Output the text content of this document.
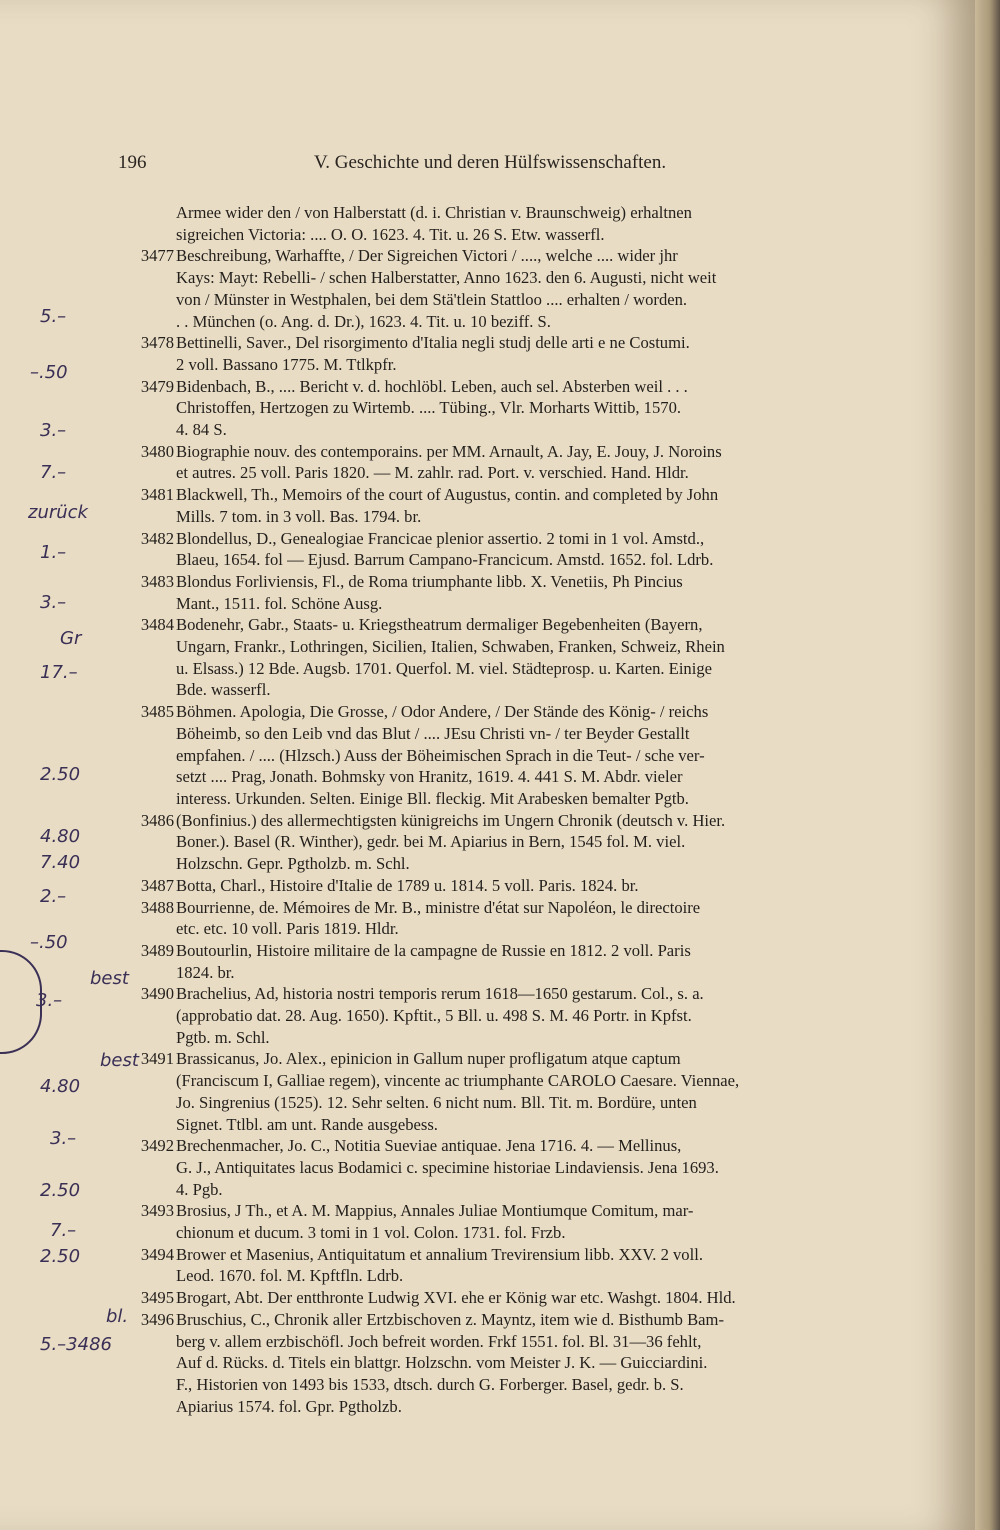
196	V. Geschichte und deren Hülfswissenschaften.
Armee wider den / von Halberstatt (d. i. Christian v. Braunschweig) erhaltnen
sigreichen Victoria: .... O. O. 1623. 4. Tit. u. 26 S. Etw. wasserfl.
3477 Beschreibung, Warhaffte, / Der Sigreichen Victori / ...., welche .... wider jhr
Kays: Mayt: Rebelli- / schen Halberstatter, Anno 1623. den 6. Augusti, nicht weit
von / Münster in Westphalen, bei dem Stä'tlein Stattloo .... erhalten / worden.
. . München (o. Ang. d. Dr.), 1623. 4. Tit. u. 10 beziff. S.
3478 Bettinelli, Saver., Del risorgimento d'Italia negli studj delle arti e ne Costumi.
2 voll. Bassano 1775. M. Ttlkpfr.
3479 Bidenbach, B., .... Bericht v. d. hochlöbl. Leben, auch sel. Absterben weil . . .
Christoffen, Hertzogen zu Wirtemb. .... Tübing., Vlr. Morharts Wittib, 1570.
4. 84 S.
3480 Biographie nouv. des contemporains. per MM. Arnault, A. Jay, E. Jouy, J. Noroins
et autres. 25 voll. Paris 1820. — M. zahlr. rad. Port. v. verschied. Hand. Hldr.
3481 Blackwell, Th., Memoirs of the court of Augustus, contin. and completed by John
Mills. 7 tom. in 3 voll. Bas. 1794. br.
3482 Blondellus, D., Genealogiae Francicae plenior assertio. 2 tomi in 1 vol. Amstd.,
Blaeu, 1654. fol — Ejusd. Barrum Campano-Francicum. Amstd. 1652. fol. Ldrb.
3483 Blondus Forliviensis, Fl., de Roma triumphante libb. X. Venetiis, Ph Pincius
Mant., 1511. fol. Schöne Ausg.
3484 Bodenehr, Gabr., Staats- u. Kriegstheatrum dermaliger Begebenheiten (Bayern,
Ungarn, Frankr., Lothringen, Sicilien, Italien, Schwaben, Franken, Schweiz, Rhein
u. Elsass.) 12 Bde. Augsb. 1701. Querfol. M. viel. Städteprosp. u. Karten. Einige
Bde. wasserfl.
3485 Böhmen. Apologia, Die Grosse, / Odor Andere, / Der Stände des König- / reichs
Böheimb, so den Leib vnd das Blut / .... JEsu Christi vn- / ter Beyder Gestallt
empfahen. / .... (Hlzsch.) Auss der Böheimischen Sprach in die Teut- / sche ver-
setzt .... Prag, Jonath. Bohmsky von Hranitz, 1619. 4. 441 S. M. Abdr. vieler
interess. Urkunden. Selten. Einige Bll. fleckig. Mit Arabesken bemalter Pgtb.
3486 (Bonfinius.) des allermechtigsten künigreichs im Ungern Chronik (deutsch v. Hier.
Boner.). Basel (R. Winther), gedr. bei M. Apiarius in Bern, 1545 fol. M. viel.
Holzschn. Gepr. Pgtholzb. m. Schl.
3487 Botta, Charl., Histoire d'Italie de 1789 u. 1814. 5 voll. Paris. 1824. br.
3488 Bourrienne, de. Mémoires de Mr. B., ministre d'état sur Napoléon, le directoire
etc. etc. 10 voll. Paris 1819. Hldr.
3489 Boutourlin, Histoire militaire de la campagne de Russie en 1812. 2 voll. Paris
1824. br.
3490 Brachelius, Ad, historia nostri temporis rerum 1618—1650 gestarum. Col., s. a.
(approbatio dat. 28. Aug. 1650). Kpftit., 5 Bll. u. 498 S. M. 46 Portr. in Kpfst.
Pgtb. m. Schl.
3491 Brassicanus, Jo. Alex., epinicion in Gallum nuper profligatum atque captum
(Franciscum I, Galliae regem), vincente ac triumphante CAROLO Caesare. Viennae,
Jo. Singrenius (1525). 12. Sehr selten. 6 nicht num. Bll. Tit. m. Bordüre, unten
Signet. Ttlbl. am unt. Rande ausgebess.
3492 Brechenmacher, Jo. C., Notitia Sueviae antiquae. Jena 1716. 4. — Mellinus,
G. J., Antiquitates lacus Bodamici c. specimine historiae Lindaviensis. Jena 1693.
4. Pgb.
3493 Brosius, J Th., et A. M. Mappius, Annales Juliae Montiumque Comitum, mar-
chionum et ducum. 3 tomi in 1 vol. Colon. 1731. fol. Frzb.
3494 Brower et Masenius, Antiquitatum et annalium Trevirensium libb. XXV. 2 voll.
Leod. 1670. fol. M. Kpftfln. Ldrb.
3495 Brogart, Abt. Der entthronte Ludwig XVI. ehe er König war etc. Washgt. 1804. Hld.
3496 Bruschius, C., Chronik aller Ertzbischoven z. Mayntz, item wie d. Bisthumb Bam-
berg v. allem erzbischöfl. Joch befreit worden. Frkf 1551. fol. Bl. 31—36 fehlt,
Auf d. Rücks. d. Titels ein blattgr. Holzschn. vom Meister J. K. — Guicciardini.
F., Historien von 1493 bis 1533, dtsch. durch G. Forberger. Basel, gedr. b. S.
Apiarius 1574. fol. Gpr. Pgtholzb.
5.–
–.50
3.–
7.–
zurück
1.–
3.–
Gr
17.–
2.50
4.80
7.40
2.–
–.50
best
3.–
best
4.80
3.–
2.50
7.–
2.50
bl.
5.–3486
